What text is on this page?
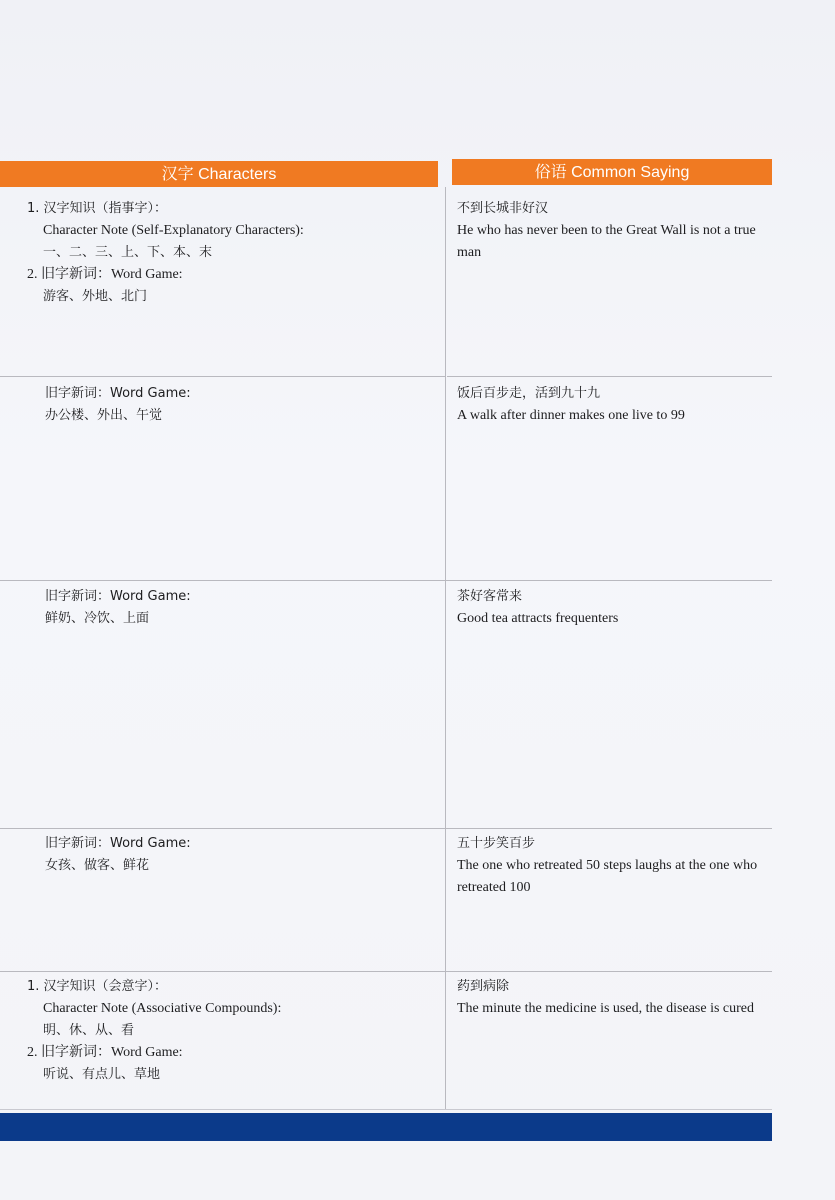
汉字 Characters	俗语 Common Saying
1. 汉字知识（指事字）：
Character Note (Self-Explanatory Characters):
一、二、三、上、下、本、末
2. 旧字新词：Word Game:
游客、外地、北门
不到长城非好汉
He who has never been to the Great Wall is not a true man
旧字新词：Word Game:
办公楼、外出、午觉
饭后百步走，活到九十九
A walk after dinner makes one live to 99
旧字新词：Word Game:
鲜奶、冷饮、上面
茶好客常来
Good tea attracts frequenters
旧字新词：Word Game:
女孩、做客、鲜花
五十步笑百步
The one who retreated 50 steps laughs at the one who retreated 100
1. 汉字知识（会意字）：
Character Note (Associative Compounds):
明、休、从、看
2. 旧字新词：Word Game:
听说、有点儿、草地
药到病除
The minute the medicine is used, the disease is cured
